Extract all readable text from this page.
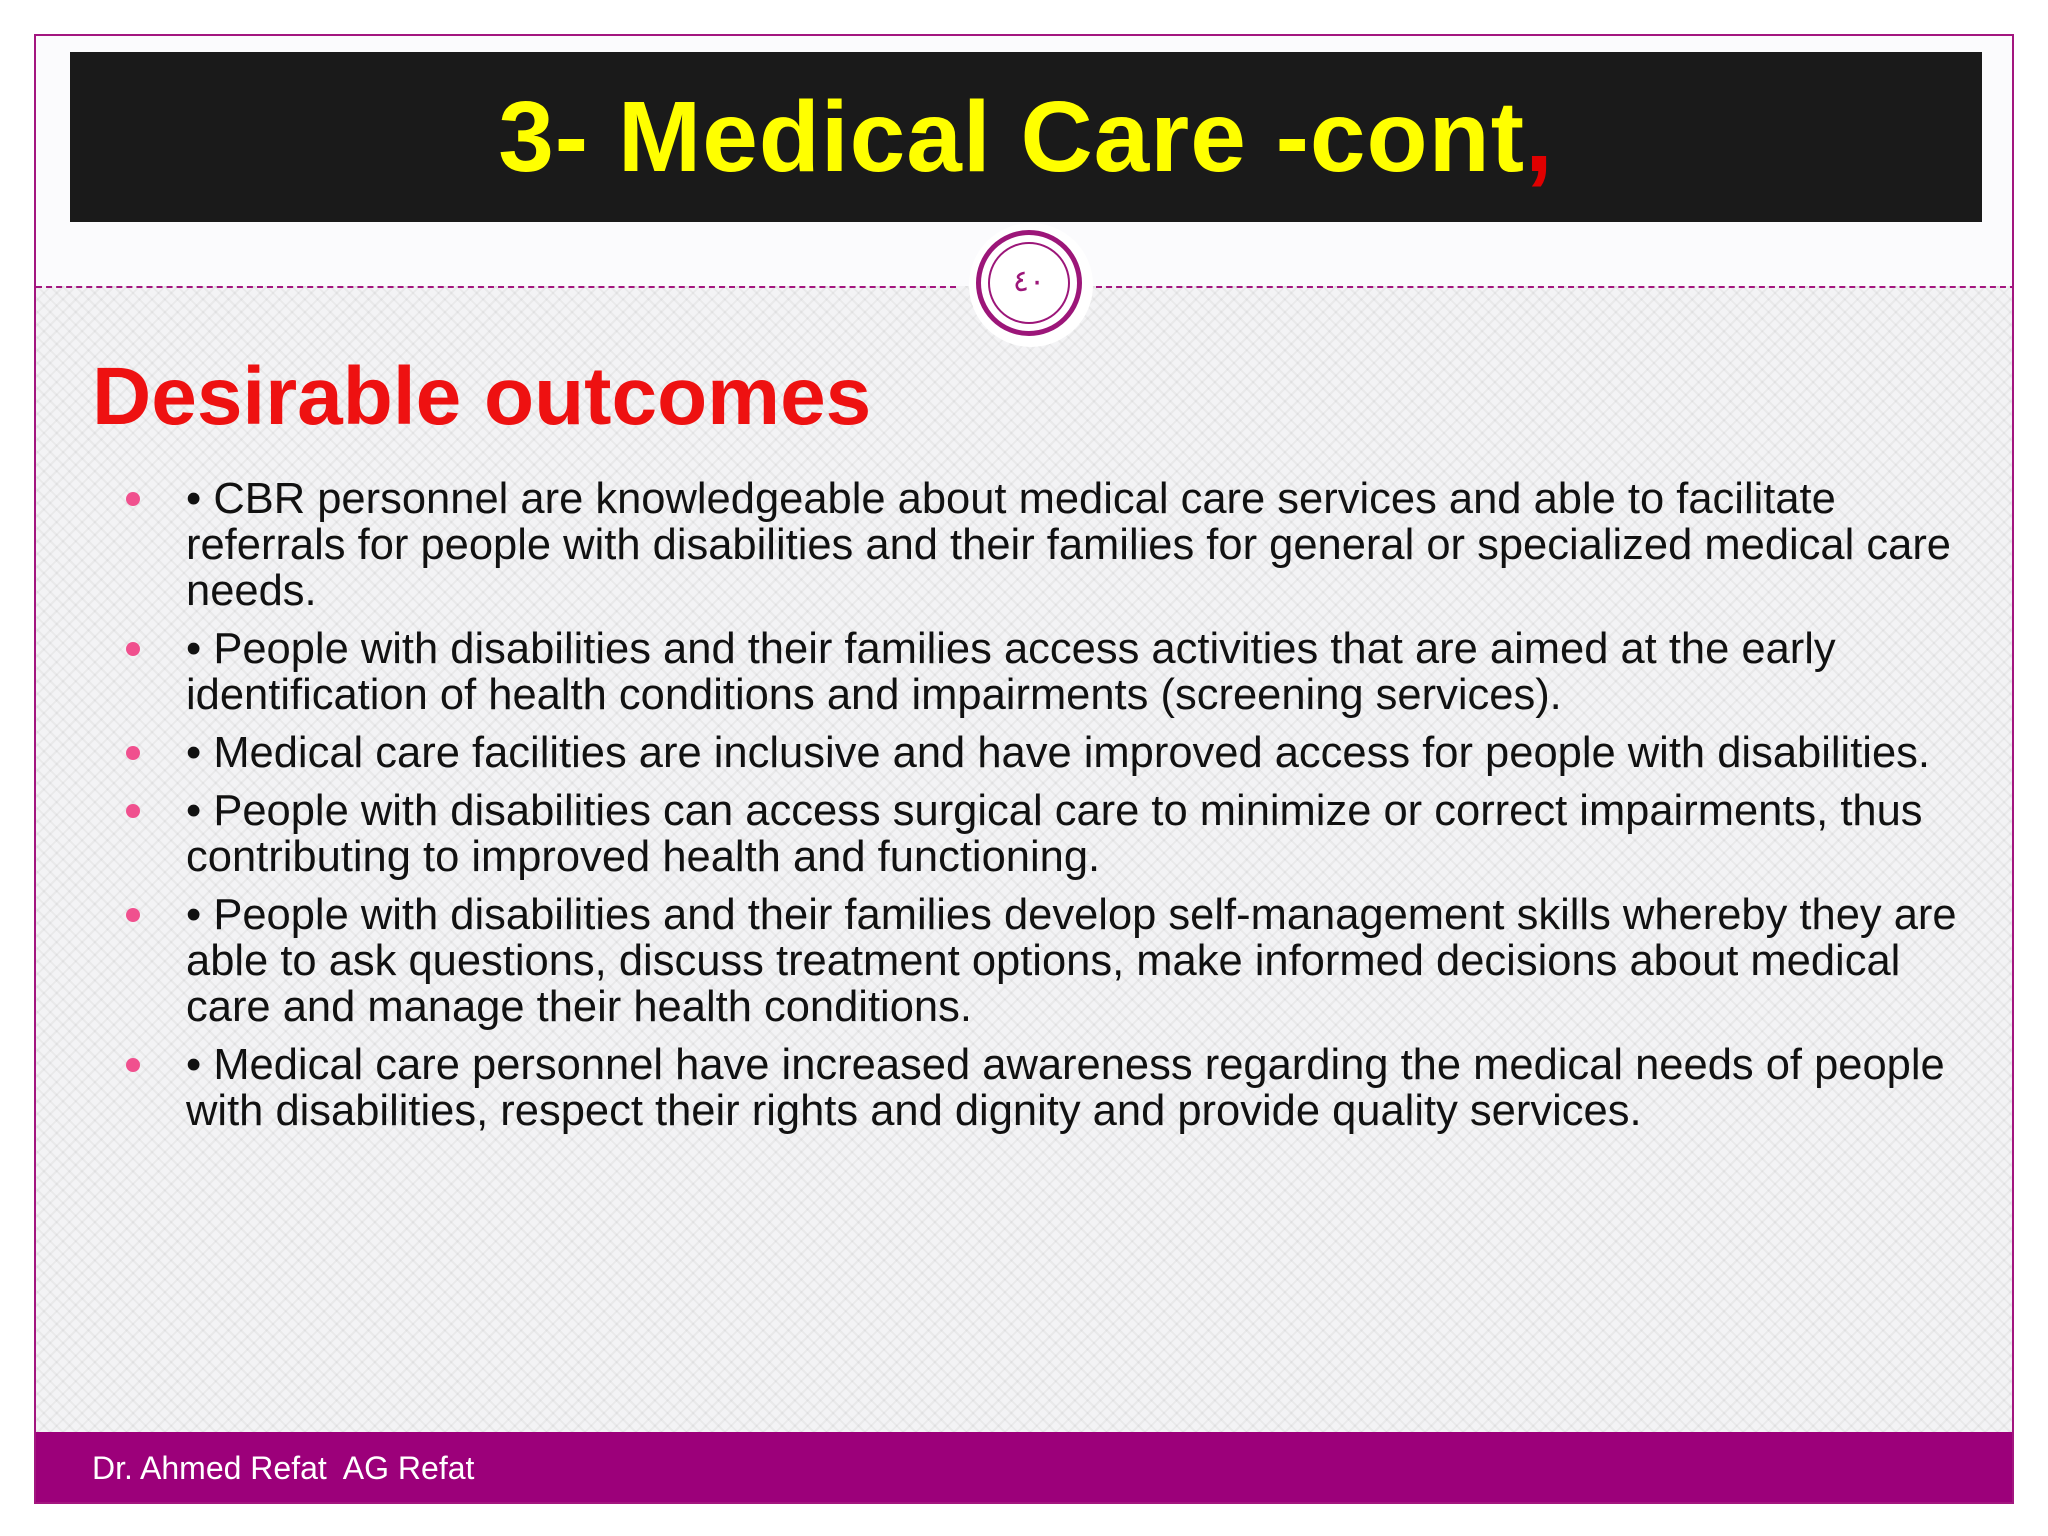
3- Medical Care -cont,
٤٠
Desirable outcomes
• CBR personnel are knowledgeable about medical care services and able to facilitate referrals for people with disabilities and their families for general or specialized medical care needs.
• People with disabilities and their families access activities that are aimed at the early identification of health conditions and impairments (screening services).
• Medical care facilities are inclusive and have improved access for people with disabilities.
• People with disabilities can access surgical care to minimize or correct impairments, thus contributing to improved health and functioning.
• People with disabilities and their families develop self-management skills whereby they are able to ask questions, discuss treatment options, make informed decisions about medical care and manage their health conditions.
• Medical care personnel have increased awareness regarding the medical needs of people with disabilities, respect their rights and dignity and provide quality services.
Dr. Ahmed Refat  AG Refat
